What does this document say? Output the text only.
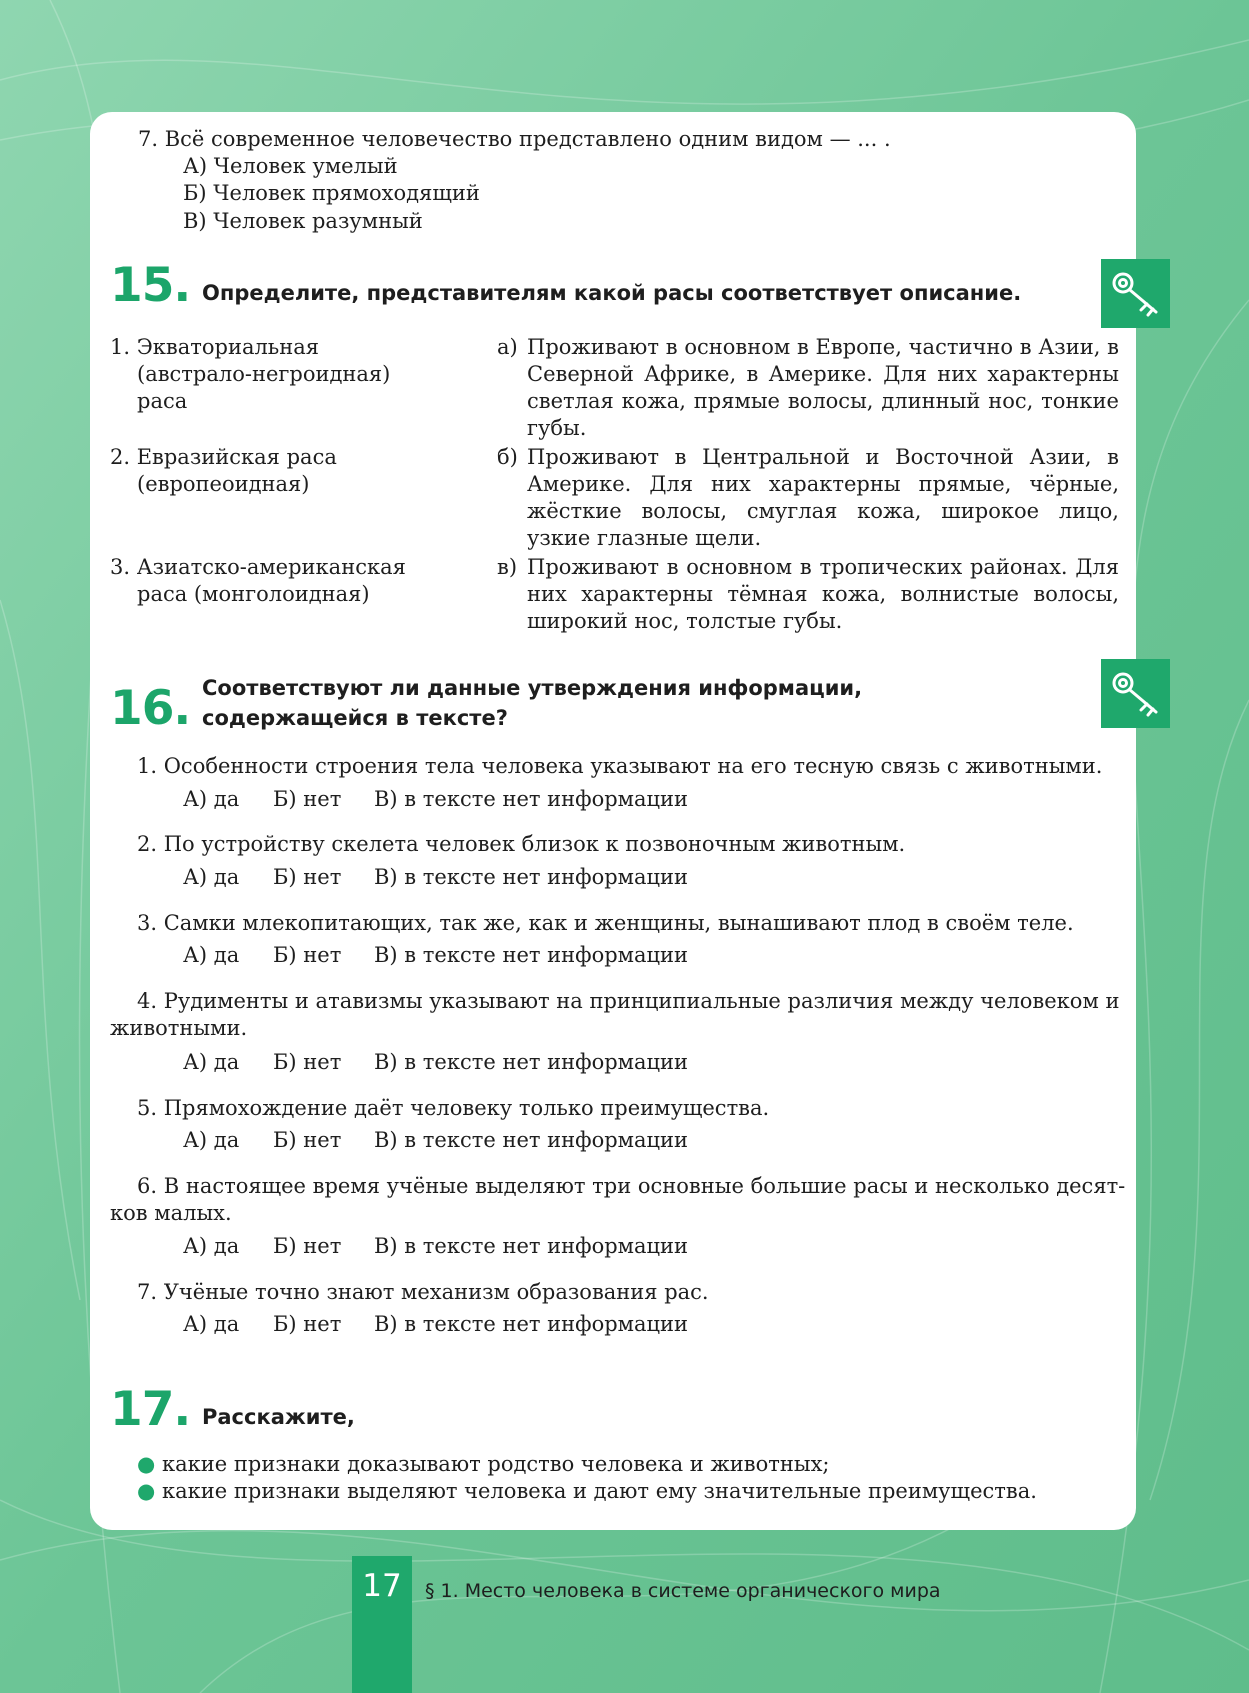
7. Всё современное человечество представлено одним видом — ... .
А) Человек умелый
Б) Человек прямоходящий
В) Человек разумный
15. Определите, представителям какой расы соответствует описание.
1. Экваториальная
(австрало-негроидная)
раса
2. Евразийская раса
(европеоидная)
3. Азиатско-американская
раса (монголоидная)
а) Проживают в основном в Европе, частично в Азии, в Северной Африке, в Америке. Для них характерны светлая кожа, прямые волосы, длинный нос, тонкие губы.
б) Проживают в Центральной и Восточной Азии, в Америке. Для них характерны прямые, чёрные, жёсткие волосы, смуглая кожа, широкое лицо, узкие глазные щели.
в) Проживают в основном в тропических районах. Для них характерны тёмная кожа, волнистые волосы, широкий нос, толстые губы.
16. Соответствуют ли данные утверждения информации,
содержащейся в тексте?
1. Особенности строения тела человека указывают на его тесную связь с животными.
А) да Б) нет В) в тексте нет информации
2. По устройству скелета человек близок к позвоночным животным.
А) да Б) нет В) в тексте нет информации
3. Самки млекопитающих, так же, как и женщины, вынашивают плод в своём теле.
А) да Б) нет В) в тексте нет информации
4. Рудименты и атавизмы указывают на принципиальные различия между человеком и
животными.
А) да Б) нет В) в тексте нет информации
5. Прямохождение даёт человеку только преимущества.
А) да Б) нет В) в тексте нет информации
6. В настоящее время учёные выделяют три основные большие расы и несколько десят-
ков малых.
А) да Б) нет В) в тексте нет информации
7. Учёные точно знают механизм образования рас.
А) да Б) нет В) в тексте нет информации
17. Расскажите,
● какие признаки доказывают родство человека и животных;
● какие признаки выделяют человека и дают ему значительные преимущества.
17	§ 1. Место человека в системе органического мира
